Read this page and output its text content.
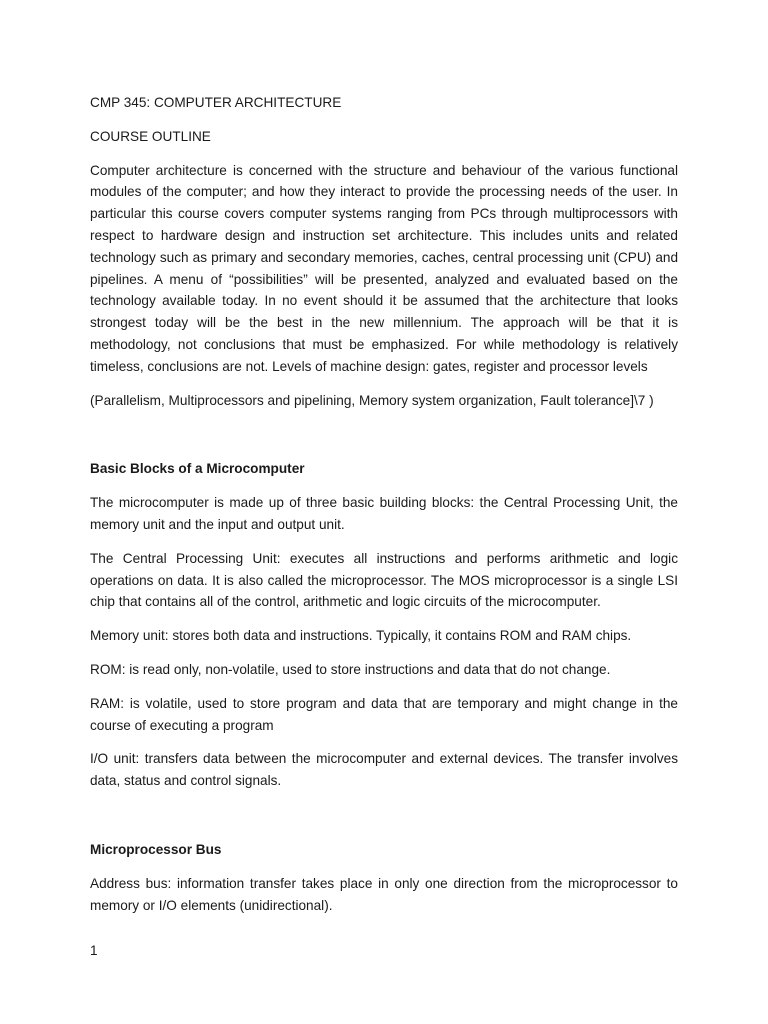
CMP 345: COMPUTER ARCHITECTURE

COURSE OUTLINE

Computer architecture is concerned with the structure and behaviour of the various functional modules of the computer; and how they interact to provide the processing needs of the user. In particular this course covers computer systems ranging from PCs through multiprocessors with respect to hardware design and instruction set architecture. This includes units and related technology such as primary and secondary memories, caches, central processing unit (CPU) and pipelines. A menu of “possibilities” will be presented, analyzed and evaluated based on the technology available today. In no event should it be assumed that the architecture that looks strongest today will be the best in the new millennium. The approach will be that it is methodology, not conclusions that must be emphasized. For while methodology is relatively timeless, conclusions are not. Levels of machine design: gates, register and processor levels

(Parallelism, Multiprocessors and pipelining, Memory system organization, Fault tolerance]\7 )

Basic Blocks of a Microcomputer

The microcomputer is made up of three basic building blocks: the Central Processing Unit, the memory unit and the input and output unit.

The Central Processing Unit: executes all instructions and performs arithmetic and logic operations on data. It is also called the microprocessor. The MOS microprocessor is a single LSI chip that contains all of the control, arithmetic and logic circuits of the microcomputer.

Memory unit: stores both data and instructions. Typically, it contains ROM and RAM chips.

ROM: is read only, non-volatile, used to store instructions and data that do not change.

RAM: is volatile, used to store program and data that are temporary and might change in the course of executing a program

I/O unit: transfers data between the microcomputer and external devices. The transfer involves data, status and control signals.

Microprocessor Bus

Address bus: information transfer takes place in only one direction from the microprocessor to memory or I/O elements (unidirectional).

1
